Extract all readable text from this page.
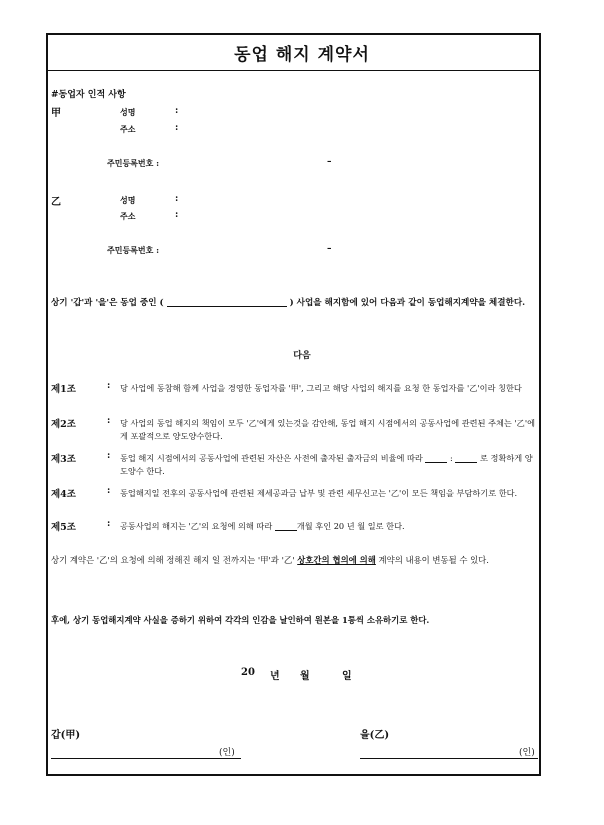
동업 해지 계약서
#동업자 인적 사항
甲	성명	:
주소	:
주민등록번호 :	–
乙	성명	:
주소	:
주민등록번호 :	–
상기 '갑'과 '을'은 동업 중인 (	) 사업을 해지함에 있어 다음과 같이 동업해지계약을 체결한다.
다음
제1조	: 당 사업에 동참해 함께 사업을 경영한 동업자를 '甲', 그리고 해당 사업의 해지를 요청 한 동업자를 '乙'이라 칭한다
제2조	: 당 사업의 동업 해지의 책임이 모두 '乙'에게 있는것을 감안해, 동업 해지 시점에서의 공동사업에 관련된 주체는 '乙'에게 포괄적으로 양도양수한다.
제3조	: 동업 해지 시점에서의 공동사업에 관련된 자산은 사전에 출자된 출자금의 비율에 따라	:	로 정확하게 양도양수 한다.
제4조	: 동업해지일 전후의 공동사업에 관련된 제세공과금 납부 및 관련 세무신고는 '乙'이 모든 책임을 부담하기로 한다.
제5조	: 공동사업의 해지는 '乙'의 요청에 의해 따라	개월 후인 20 년 월 일로 한다.
상기 계약은 '乙'의 요청에 의해 정해진 해지 일 전까지는 '甲'과 '乙' 상호간의 협의에 의해 계약의 내용이 변동될 수 있다.
후에, 상기 동업해지계약 사실을 증하기 위하여 각각의 인감을 날인하여 원본을 1통씩 소유하기로 한다.
20 년 월	일
갑(甲)
(인)
을(乙)
(인)
